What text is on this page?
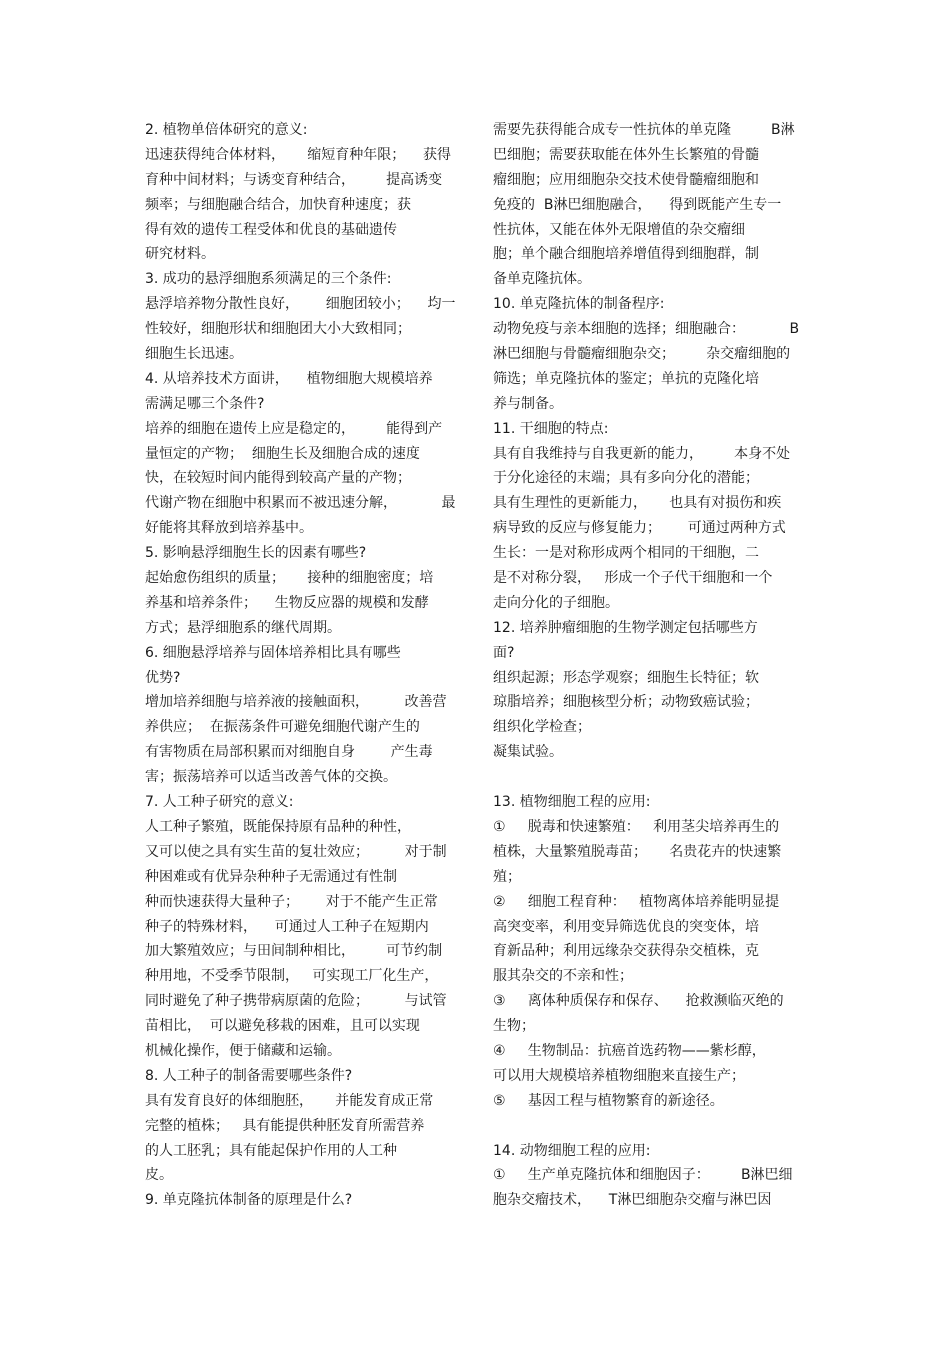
2. 植物单倍体研究的意义:
迅速获得纯合体材料，     缩短育种年限；    获得
育种中间材料；与诱变育种结合，       提高诱变
频率；与细胞融合结合，加快育种速度；获
得有效的遗传工程受体和优良的基础遗传
研究材料。
3. 成功的悬浮细胞系须满足的三个条件:
悬浮培养物分散性良好，      细胞团较小；    均一
性较好，细胞形状和细胞团大小大致相同；
细胞生长迅速。
4. 从培养技术方面讲，    植物细胞大规模培养
需满足哪三个条件?
培养的细胞在遗传上应是稳定的，       能得到产
量恒定的产物；  细胞生长及细胞合成的速度
快，在较短时间内能得到较高产量的产物；
代谢产物在细胞中积累而不被迅速分解，          最
好能将其释放到培养基中。
5. 影响悬浮细胞生长的因素有哪些?
起始愈伤组织的质量；     接种的细胞密度；培
养基和培养条件；    生物反应器的规模和发酵
方式；悬浮细胞系的继代周期。
6. 细胞悬浮培养与固体培养相比具有哪些
优势?
增加培养细胞与培养液的接触面积，        改善营
养供应；  在振荡条件可避免细胞代谢产生的
有害物质在局部积累而对细胞自身        产生毒
害；振荡培养可以适当改善气体的交换。
7. 人工种子研究的意义:
人工种子繁殖，既能保持原有品种的种性，
又可以使之具有实生苗的复壮效应；        对于制
种困难或有优异杂种种子无需通过有性制
种而快速获得大量种子；      对于不能产生正常
种子的特殊材料，    可通过人工种子在短期内
加大繁殖效应；与田间制种相比，       可节约制
种用地，不受季节限制，   可实现工厂化生产，
同时避免了种子携带病原菌的危险；        与试管
苗相比，  可以避免移栽的困难，且可以实现
机械化操作，便于储藏和运输。
8. 人工种子的制备需要哪些条件?
具有发育良好的体细胞胚，     并能发育成正常
完整的植株；   具有能提供种胚发育所需营养
的人工胚乳；具有能起保护作用的人工种
皮。
9. 单克隆抗体制备的原理是什么?
需要先获得能合成专一性抗体的单克隆         B淋
巴细胞；需要获取能在体外生长繁殖的骨髓
瘤细胞；应用细胞杂交技术使骨髓瘤细胞和
免疫的  B淋巴细胞融合，    得到既能产生专一
性抗体，又能在体外无限增值的杂交瘤细
胞；单个融合细胞培养增值得到细胞群，制
备单克隆抗体。
10. 单克隆抗体的制备程序:
动物免疫与亲本细胞的选择；细胞融合：          B
淋巴细胞与骨髓瘤细胞杂交；       杂交瘤细胞的
筛选；单克隆抗体的鉴定；单抗的克隆化培
养与制备。
11. 干细胞的特点:
具有自我维持与自我更新的能力，       本身不处
于分化途径的末端；具有多向分化的潜能；
具有生理性的更新能力，     也具有对损伤和疾
病导致的反应与修复能力；      可通过两种方式
生长：一是对称形成两个相同的干细胞，二
是不对称分裂，   形成一个子代干细胞和一个
走向分化的子细胞。
12. 培养肿瘤细胞的生物学测定包括哪些方
面?
组织起源；形态学观察；细胞生长特征；软
琼脂培养；细胞核型分析；动物致癌试验；
组织化学检查；
凝集试验。
13. 植物细胞工程的应用:
①     脱毒和快速繁殖：   利用茎尖培养再生的
植株，大量繁殖脱毒苗；     名贵花卉的快速繁
殖；
②     细胞工程育种：   植物离体培养能明显提
高突变率，利用变异筛选优良的突变体，培
育新品种；利用远缘杂交获得杂交植株，克
服其杂交的不亲和性；
③     离体种质保存和保存、    抢救濒临灭绝的
生物；
④     生物制品：抗癌首选药物——紫杉醇，
可以用大规模培养植物细胞来直接生产；
⑤     基因工程与植物繁育的新途径。
14. 动物细胞工程的应用:
①     生产单克隆抗体和细胞因子：       B淋巴细
胞杂交瘤技术，    T淋巴细胞杂交瘤与淋巴因
